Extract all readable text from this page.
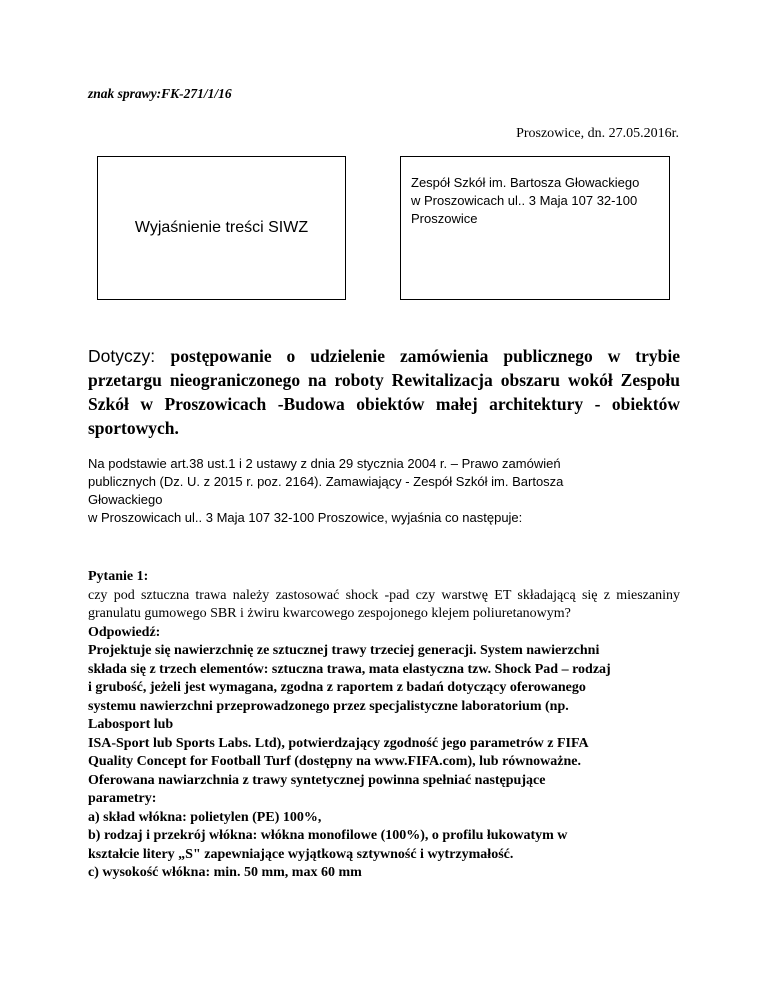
znak sprawy:FK-271/1/16
Proszowice, dn. 27.05.2016r.
Wyjaśnienie treści SIWZ
Zespół Szkół im. Bartosza Głowackiego
w Proszowicach ul.. 3 Maja 107 32-100
Proszowice
Dotyczy: postępowanie o udzielenie zamówienia publicznego w trybie przetargu nieograniczonego na roboty Rewitalizacja obszaru wokół Zespołu Szkół w Proszowicach -Budowa obiektów małej architektury - obiektów sportowych.
Na podstawie art.38 ust.1 i 2 ustawy z dnia 29 stycznia 2004 r. – Prawo zamówień
publicznych (Dz. U. z 2015 r. poz. 2164). Zamawiający - Zespół Szkół im. Bartosza
Głowackiego
w Proszowicach ul.. 3 Maja 107 32-100 Proszowice, wyjaśnia co następuje:
Pytanie 1:
czy pod sztuczna trawa należy zastosować shock -pad czy warstwę ET składającą się z mieszaniny granulatu gumowego SBR i żwiru kwarcowego zespojonego klejem poliuretanowym?
Odpowiedź:
Projektuje się nawierzchnię ze sztucznej trawy trzeciej generacji. System nawierzchni
składa się z trzech elementów: sztuczna trawa, mata elastyczna tzw. Shock Pad – rodzaj
i grubość, jeżeli jest wymagana, zgodna z raportem z badań dotyczący oferowanego
systemu nawierzchni przeprowadzonego przez specjalistyczne laboratorium (np.
Labosport lub
ISA-Sport lub Sports Labs. Ltd), potwierdzający zgodność jego parametrów z FIFA
Quality Concept for Football Turf (dostępny na www.FIFA.com), lub równoważne.
Oferowana nawiarzchnia z trawy syntetycznej powinna spełniać następujące
parametry:
a) skład włókna: polietylen (PE) 100%,
b) rodzaj i przekrój włókna: włókna monofilowe (100%), o profilu łukowatym w
kształcie litery „S" zapewniające wyjątkową sztywność i wytrzymałość.
c) wysokość włókna: min. 50 mm, max 60 mm
